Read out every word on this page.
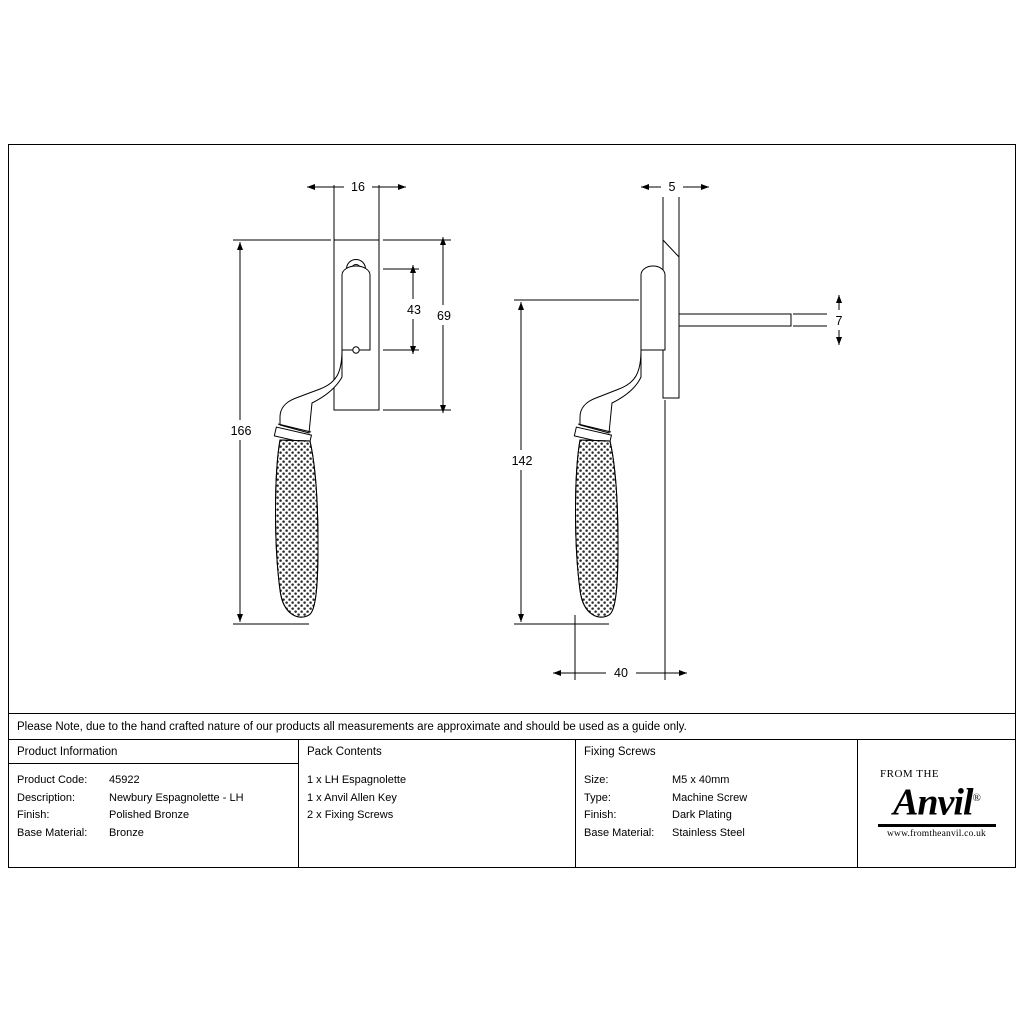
16
43 69
166
5
7
142
40
Please Note, due to the hand crafted nature of our products all measurements are approximate and should be used as a guide only.
Product Information
Product Code:	45922
Description:	Newbury Espagnolette - LH
Finish:	Polished Bronze
Base Material:	Bronze
Pack Contents
1 x LH Espagnolette
1 x Anvil Allen Key
2 x Fixing Screws
Fixing Screws
Size:	M5 x 40mm
Type:	Machine Screw
Finish:	Dark Plating
Base Material:	Stainless Steel
FROM THE
Anvil®
www.fromtheanvil.co.uk
